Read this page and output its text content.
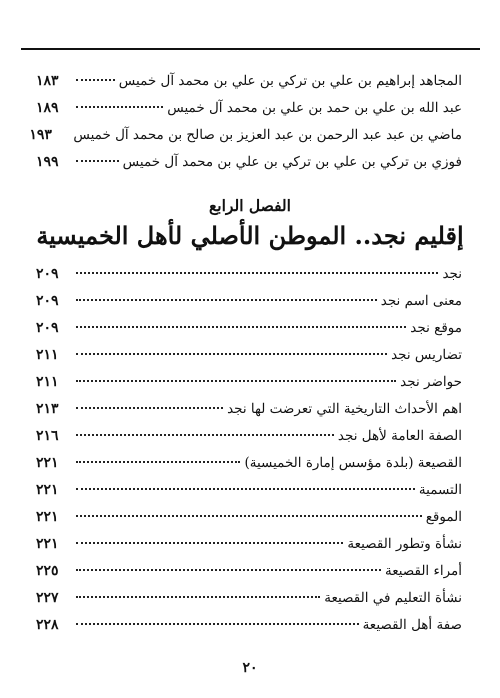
المجاهد إبراهيم بن علي بن تركي بن علي بن محمد آل خميس
١٨٣
عبد الله بن علي بن حمد بن علي بن محمد آل خميس
١٨٩
ماضي بن عبد عبد الرحمن بن عبد العزيز بن صالح بن محمد آل خميس
١٩٣
فوزي بن تركي بن علي بن تركي بن علي بن محمد آل خميس
١٩٩
الفصل الرابع
إقليم نجد.. الموطن الأصلي لأهل الخميسية
نجد
٢٠٩
معنى اسم نجد
٢٠٩
موقع نجد
٢٠٩
تضاريس نجد
٢١١
حواضر نجد
٢١١
اهم الأحداث التاريخية التي تعرضت لها نجد
٢١٣
الصفة العامة لأهل نجد
٢١٦
القصيعة (بلدة مؤسس إمارة الخميسية)
٢٢١
التسمية
٢٢١
الموقع
٢٢١
نشأة وتطور القصيعة
٢٢١
أمراء القصيعة
٢٢٥
نشأة التعليم في القصيعة
٢٢٧
صفة أهل القصيعة
٢٢٨
٢٠
